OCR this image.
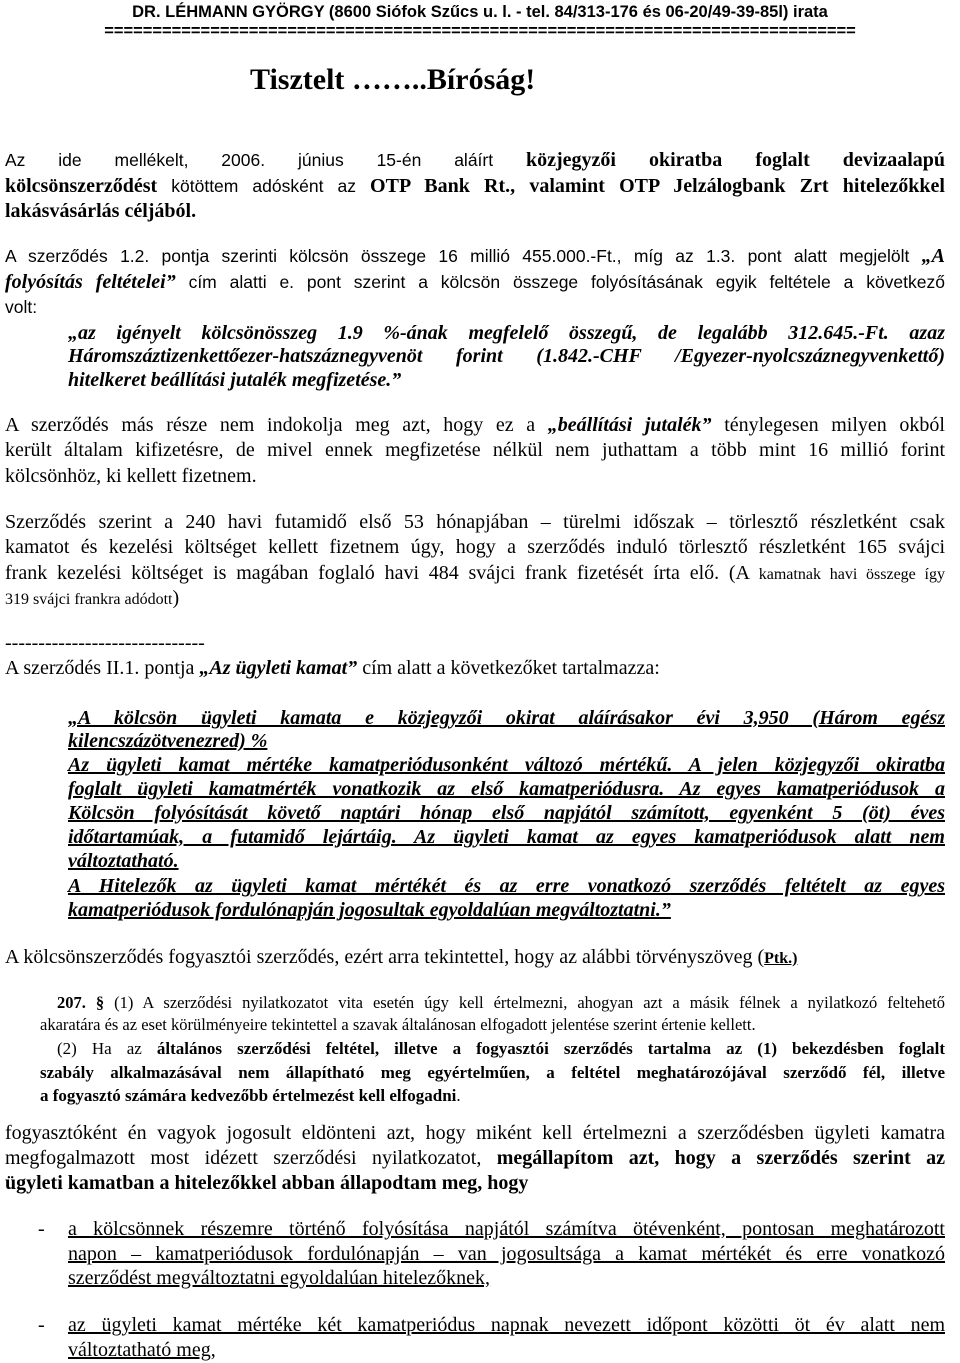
DR. LÉHMANN GYÖRGY (8600 Siófok Szűcs u. l. - tel. 84/313-176 és 06-20/49-39-85l) irata
==============================================================================
Tisztelt ……..Bíróság!
Az ide mellékelt, 2006. június 15-én aláírt közjegyzői okiratba foglalt devizaalapú
kölcsönszerződést kötöttem adósként az OTP Bank Rt., valamint OTP Jelzálogbank Zrt hitelezőkkel
lakásvásárlás céljából.
A szerződés 1.2. pontja szerinti kölcsön összege 16 millió 455.000.-Ft., míg az 1.3. pont alatt megjelölt „A
folyósítás feltételei” cím alatti e. pont szerint a kölcsön összege folyósításának egyik feltétele a következő
volt:
„az igényelt kölcsönösszeg 1.9 %-ának megfelelő összegű, de legalább 312.645.-Ft. azaz
Háromszáztizenkettőezer-hatszáznegyvenöt forint (1.842.-CHF /Egyezer-nyolcszáznegyvenkettő)
hitelkeret beállítási jutalék megfizetése.”
A szerződés más része nem indokolja meg azt, hogy ez a „beállítási jutalék” ténylegesen milyen okból
került általam kifizetésre, de mivel ennek megfizetése nélkül nem juthattam a több mint 16 millió forint
kölcsönhöz, ki kellett fizetnem.
Szerződés szerint a 240 havi futamidő első 53 hónapjában – türelmi időszak – törlesztő részletként csak
kamatot és kezelési költséget kellett fizetnem úgy, hogy a szerződés induló törlesztő részletként 165 svájci
frank kezelési költséget is magában foglaló havi 484 svájci frank fizetését írta elő. (A kamatnak havi összege így
319 svájci frankra adódott)
------------------------------
A szerződés II.1. pontja „Az ügyleti kamat” cím alatt a következőket tartalmazza:
„A kölcsön ügyleti kamata e közjegyzői okirat aláírásakor évi 3,950 (Három egész
kilencszázötvenezred) %
Az ügyleti kamat mértéke kamatperiódusonként változó mértékű. A jelen közjegyzői okiratba
foglalt ügyleti kamatmérték vonatkozik az első kamatperiódusra. Az egyes kamatperiódusok a
Kölcsön folyósítását követő naptári hónap első napjától számított, egyenként 5 (öt) éves
időtartamúak, a futamidő lejártáig. Az ügyleti kamat az egyes kamatperiódusok alatt nem
változtatható.
A Hitelezők az ügyleti kamat mértékét és az erre vonatkozó szerződés feltételt az egyes
kamatperiódusok fordulónapján jogosultak egyoldalúan megváltoztatni.”
A kölcsönszerződés fogyasztói szerződés, ezért arra tekintettel, hogy az alábbi törvényszöveg (Ptk.)
207. § (1) A szerződési nyilatkozatot vita esetén úgy kell értelmezni, ahogyan azt a másik félnek a nyilatkozó feltehető
akaratára és az eset körülményeire tekintettel a szavak általánosan elfogadott jelentése szerint értenie kellett.
(2) Ha az általános szerződési feltétel, illetve a fogyasztói szerződés tartalma az (1) bekezdésben foglalt
szabály alkalmazásával nem állapítható meg egyértelműen, a feltétel meghatározójával szerződő fél, illetve
a fogyasztó számára kedvezőbb értelmezést kell elfogadni.
fogyasztóként én vagyok jogosult eldönteni azt, hogy miként kell értelmezni a szerződésben ügyleti kamatra
megfogalmazott most idézett szerződési nyilatkozatot, megállapítom azt, hogy a szerződés szerint az
ügyleti kamatban a hitelezőkkel abban állapodtam meg, hogy
-	a kölcsönnek részemre történő folyósítása napjától számítva ötévenként, pontosan meghatározott
napon – kamatperiódusok fordulónapján – van jogosultsága a kamat mértékét és erre vonatkozó
szerződést megváltoztatni egyoldalúan hitelezőknek,
-	az ügyleti kamat mértéke két kamatperiódus napnak nevezett időpont közötti öt év alatt nem
változtatható meg,
